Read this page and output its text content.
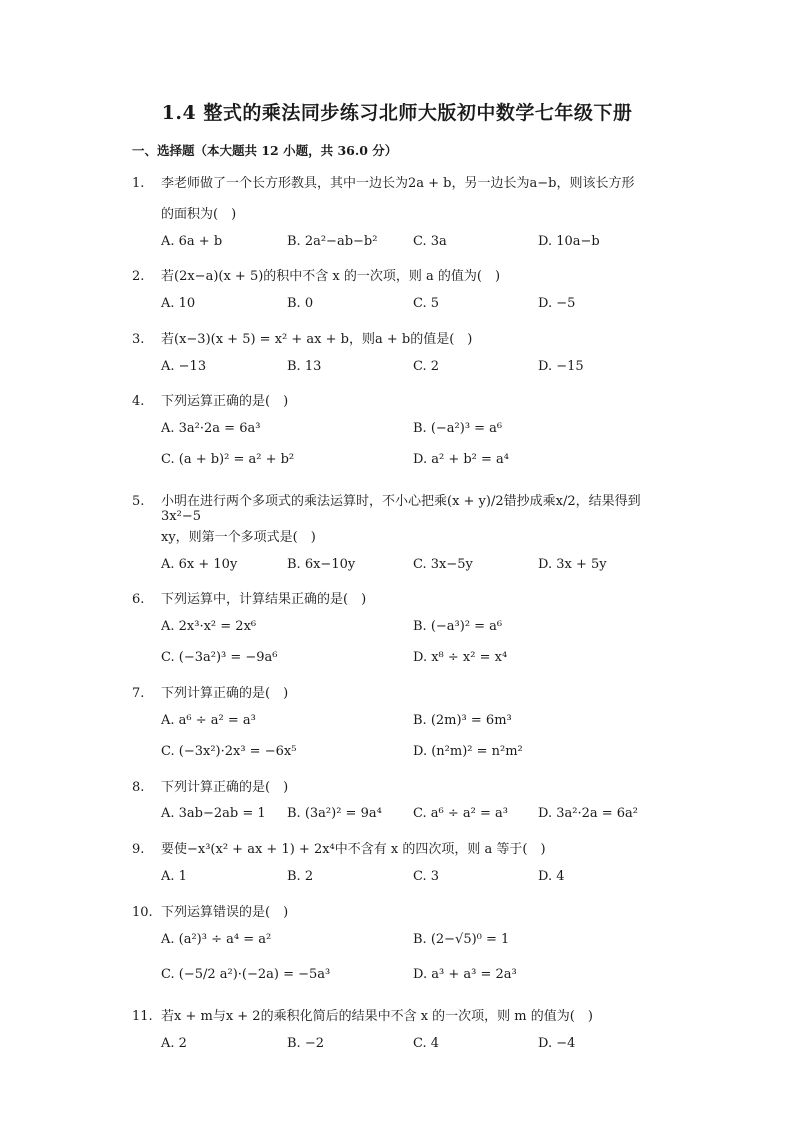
1.4 整式的乘法同步练习北师大版初中数学七年级下册
一、选择题（本大题共 12 小题，共 36.0 分）
1.	李老师做了一个长方形教具，其中一边长为2a + b，另一边长为a−b，则该长方形
的面积为(　)
A. 6a + b	B. 2a²−ab−b²	C. 3a	D. 10a−b
2.	若(2x−a)(x + 5)的积中不含 x 的一次项，则 a 的值为(　)
A. 10	B. 0	C. 5	D. −5
3.	若(x−3)(x + 5) = x² + ax + b，则a + b的值是(　)
A. −13	B. 13	C. 2	D. −15
4.	下列运算正确的是(　)
A. 3a²·2a = 6a³	B. (−a²)³ = a⁶
C. (a + b)² = a² + b²	D. a² + b² = a⁴
5.	小明在进行两个多项式的乘法运算时，不小心把乘(x + y)/2错抄成乘x/2，结果得到3x²−5
xy，则第一个多项式是(　)
A. 6x + 10y	B. 6x−10y	C. 3x−5y	D. 3x + 5y
6.	下列运算中，计算结果正确的是(　)
A. 2x³·x² = 2x⁶	B. (−a³)² = a⁶
C. (−3a²)³ = −9a⁶	D. x⁸ ÷ x² = x⁴
7.	下列计算正确的是(　)
A. a⁶ ÷ a² = a³	B. (2m)³ = 6m³
C. (−3x²)·2x³ = −6x⁵	D. (n²m)² = n²m²
8.	下列计算正确的是(　)
A. 3ab−2ab = 1 B. (3a²)² = 9a⁴ C. a⁶ ÷ a² = a³ D. 3a²·2a = 6a²
9.	要使−x³(x² + ax + 1) + 2x⁴中不含有 x 的四次项，则 a 等于(　)
A. 1	B. 2	C. 3	D. 4
10. 下列运算错误的是(　)
A. (a²)³ ÷ a⁴ = a²	B. (2−√5)⁰ = 1
C. (−5/2 a²)·(−2a) = −5a³	D. a³ + a³ = 2a³
11. 若x + m与x + 2的乘积化简后的结果中不含 x 的一次项，则 m 的值为(　)
A. 2	B. −2	C. 4	D. −4
